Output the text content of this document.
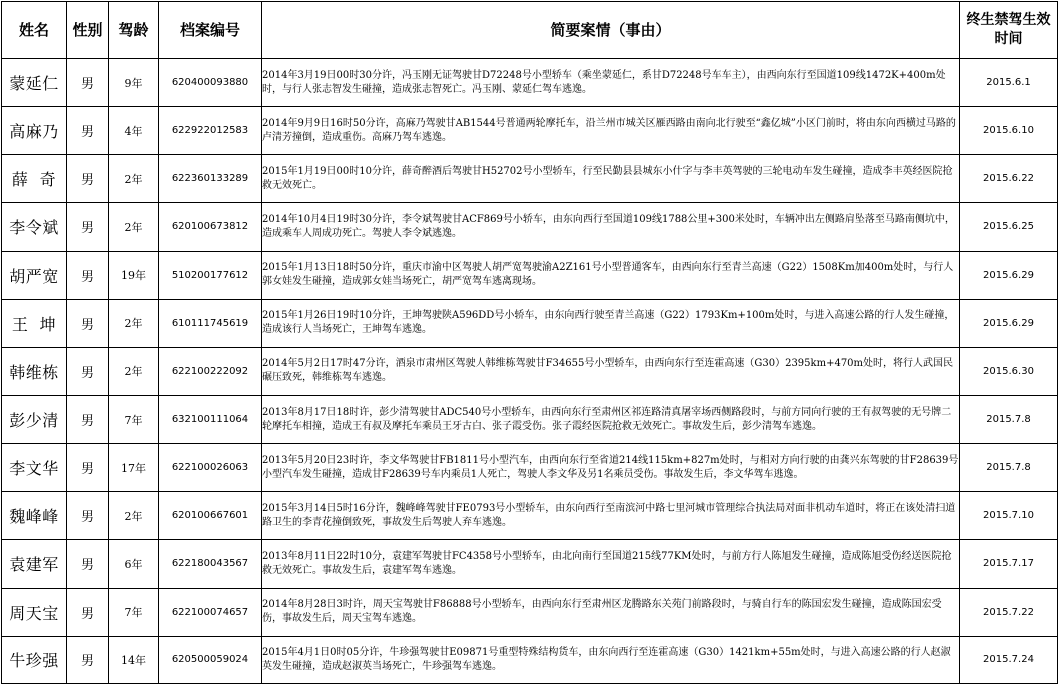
姓名	性别	驾龄	档案编号	简要案情（事由）	终生禁驾生效时间
蒙延仁	男	9年	620400093880	2014年3月19日00时30分许，冯玉刚无证驾驶甘D72248号小型轿车（乘坐蒙延仁，系甘D72248号车车主），由西向东行至国道109线1472K+400m处时，与行人张志智发生碰撞，造成张志智死亡。冯玉刚、蒙延仁驾车逃逸。	2015.6.1
高麻乃	男	4年	622922012583	2014年9月9日16时50分许，高麻乃驾驶甘AB1544号普通两轮摩托车，沿兰州市城关区雁西路由南向北行驶至“鑫亿城”小区门前时，将由东向西横过马路的卢清芳撞倒，造成重伤。高麻乃驾车逃逸。	2015.6.10
薛  奇	男	2年	622360133289	2015年1月19日00时10分许，薛奇醉酒后驾驶甘H52702号小型轿车，行至民勤县县城东小什字与李丰英驾驶的三轮电动车发生碰撞，造成李丰英经医院抢救无效死亡。	2015.6.22
李令斌	男	2年	620100673812	2014年10月4日19时30分许，李令斌驾驶甘ACF869号小轿车，由东向西行至国道109线1788公里+300米处时，车辆冲出左侧路肩坠落至马路南侧坑中，造成乘车人周成功死亡。驾驶人李令斌逃逸。	2015.6.25
胡严宽	男	19年	510200177612	2015年1月13日18时50分许，重庆市渝中区驾驶人胡严宽驾驶渝A2Z161号小型普通客车，由西向东行至青兰高速（G22）1508Km加400m处时，与行人郭女娃发生碰撞，造成郭女娃当场死亡，胡严宽驾车逃离现场。	2015.6.29
王  坤	男	2年	610111745619	2015年1月26日19时10分许，王坤驾驶陕A596DD号小轿车，由东向西行驶至青兰高速（G22）1793Km+100m处时，与进入高速公路的行人发生碰撞，造成该行人当场死亡，王坤驾车逃逸。	2015.6.29
韩维栋	男	2年	622100222092	2014年5月2日17时47分许，酒泉市肃州区驾驶人韩维栋驾驶甘F34655号小型轿车，由西向东行至连霍高速（G30）2395km+470m处时，将行人武国民碾压致死，韩维栋驾车逃逸。	2015.6.30
彭少清	男	7年	632100111064	2013年8月17日18时许，彭少清驾驶甘ADC540号小型轿车，由西向东行至肃州区祁连路清真屠宰场西侧路段时，与前方同向行驶的王有叔驾驶的无号牌二轮摩托车相撞，造成王有叔及摩托车乘员王牙古白、张子霞受伤。张子霞经医院抢救无效死亡。事故发生后，彭少清驾车逃逸。	2015.7.8
李文华	男	17年	622100026063	2013年5月20日23时许，李文华驾驶甘FB1811号小型汽车，由西向东行至省道214线115km+827m处时，与相对方向行驶的由龚兴东驾驶的甘F28639号小型汽车发生碰撞，造成甘F28639号车内乘员1人死亡，驾驶人李文华及另1名乘员受伤。事故发生后，李文华驾车逃逸。	2015.7.8
魏峰峰	男	2年	620100667601	2015年3月14日5时16分许，魏峰峰驾驶甘FE0793号小型轿车，由东向西行至南滨河中路七里河城市管理综合执法局对面非机动车道时，将正在该处清扫道路卫生的李青花撞倒致死，事故发生后驾驶人弃车逃逸。	2015.7.10
袁建军	男	6年	622180043567	2013年8月11日22时10分，袁建军驾驶甘FC4358号小型轿车，由北向南行至国道215线77KM处时，与前方行人陈旭发生碰撞，造成陈旭受伤经送医院抢救无效死亡。事故发生后，袁建军驾车逃逸。	2015.7.17
周天宝	男	7年	622100074657	2014年8月28日3时许，周天宝驾驶甘F86888号小型轿车，由西向东行至肃州区龙腾路东关苑门前路段时，与骑自行车的陈国宏发生碰撞，造成陈国宏受伤，事故发生后，周天宝驾车逃逸。	2015.7.22
牛珍强	男	14年	620500059024	2015年4月1日0时05分许，牛珍强驾驶甘E09871号重型特殊结构货车，由东向西行至连霍高速（G30）1421km+55m处时，与进入高速公路的行人赵淑英发生碰撞，造成赵淑英当场死亡，牛珍强驾车逃逸。	2015.7.24
